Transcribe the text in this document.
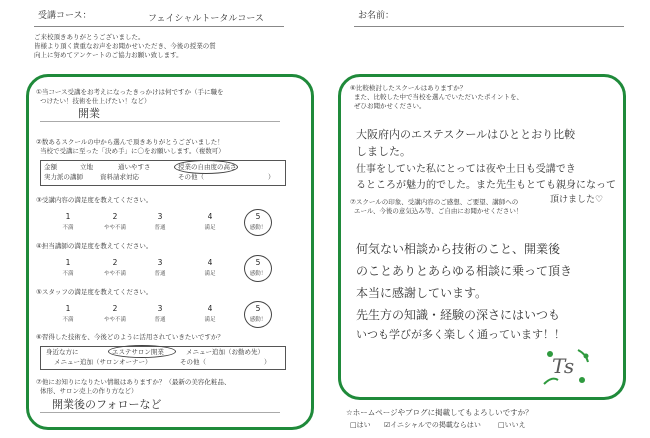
受講コース：	フェイシャルトータルコース	お名前：
ご来校頂きありがとうございました。
皆様より頂く貴重なお声をお聞かせいただき、今後の授業の質
向上に努めてアンケートのご協力お願い致します。
①当コース受講をお考えになったきっかけは何ですか（手に職を
つけたい！技術を仕上げたい！など）
開業
②数あるスクールの中から選んで頂きありがとうございました！
当校で受講に至った「決め手」に〇をお願いします。（複数可）
金額	立地	通いやすさ	授業の自由度の高さ
実力派の講師	資料請求対応	その他（	）
③受講内容の満足度を教えてください。
1	2	3	4	5
不満	やや不満	普通	満足	感動！
④担当講師の満足度を教えてください。
1	2	3	4	5
不満	やや不満	普通	満足	感動！
⑤スタッフの満足度を教えてください。
1	2	3	4	5
不満	やや不満	普通	満足	感動！
⑥習得した技術を、今後どのように活用されていきたいですか？
身近な方に	エステサロン開業	メニュー追加（お勤め先）
メニュー追加（サロンオーナー）	その他（	）
⑦他にお知りになりたい情報はありますか？（最新の美容化粧品、
体形、サロン売上の作り方など）
開業後のフォローなど
⑥比較検討したスクールはありますか？
また、比較した中で当校を選んでいただいたポイントを、
ぜひお聞かせください。
大阪府内のエステスクールはひととおり比較
しました。
仕事をしていた私にとっては夜や土日も受講でき
るところが魅力的でした。また先生もとても親身になって
頂けました♡
⑦スクールの印象、受講内容のご感想、ご要望、講師への
エール、今後の意気込み等、ご自由にお聞かせください！
何気ない相談から技術のこと、開業後
のことありとあらゆる相談に乗って頂き
本当に感謝しています。
先生方の知識・経験の深さにはいつも
いつも学びが多く楽しく通っています！！
Ts
☆ホームページやブログに掲載してもよろしいですか？
□はい ☑イニシャルでの掲載ならはい □いいえ
